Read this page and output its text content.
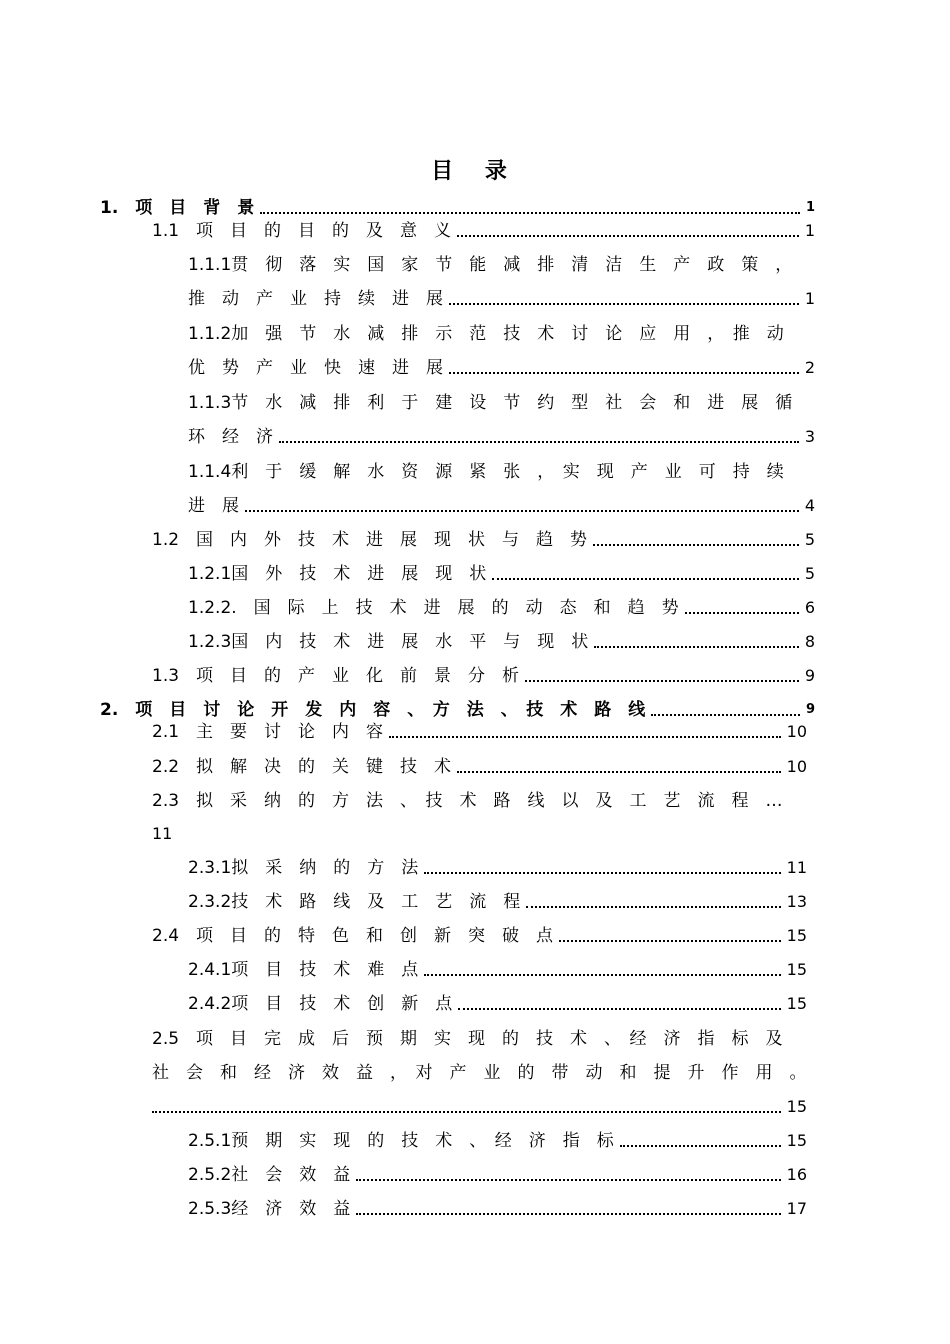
目 录
1.　项　目　背　景	1
1.1　项　目　的　目　的　及　意　义	1
1.1.1贯　彻　落　实　国　家　节　能　减　排　清　洁　生　产　政　策　，
推　动　产　业　持　续　进　展	1
1.1.2加　强　节　水　减　排　示　范　技　术　讨　论　应　用　，　推　动
优　势　产　业　快　速　进　展	2
1.1.3节　水　减　排　利　于　建　设　节　约　型　社　会　和　进　展　循
环　经　济	3
1.1.4利　于　缓　解　水　资　源　紧　张　，　实　现　产　业　可　持　续
进　展	4
1.2　国　内　外　技　术　进　展　现　状　与　趋　势	5
1.2.1国　外　技　术　进　展　现　状	5
1.2.2.　国　际　上　技　术　进　展　的　动　态　和　趋　势	6
1.2.3国　内　技　术　进　展　水　平　与　现　状	8
1.3　项　目　的　产　业　化　前　景　分　析	9
2.　项　目　讨　论　开　发　内　容　、　方　法　、　技　术　路　线	9
2.1　主　要　讨　论　内　容	10
2.2　拟　解　决　的　关　键　技　术	10
2.3　拟　采　纳　的　方　法　、　技　术　路　线　以　及　工　艺　流　程　…
11
2.3.1拟　采　纳　的　方　法	11
2.3.2技　术　路　线　及　工　艺　流　程	13
2.4　项　目　的　特　色　和　创　新　突　破　点	15
2.4.1项　目　技　术　难　点	15
2.4.2项　目　技　术　创　新　点	15
2.5　项　目　完　成　后　预　期　实　现　的　技　术　、　经　济　指　标　及
社　会　和　经　济　效　益　，　对　产　业　的　带　动　和　提　升　作　用　。
15
2.5.1预　期　实　现　的　技　术　、　经　济　指　标	15
2.5.2社　会　效　益	16
2.5.3经　济　效　益	17
